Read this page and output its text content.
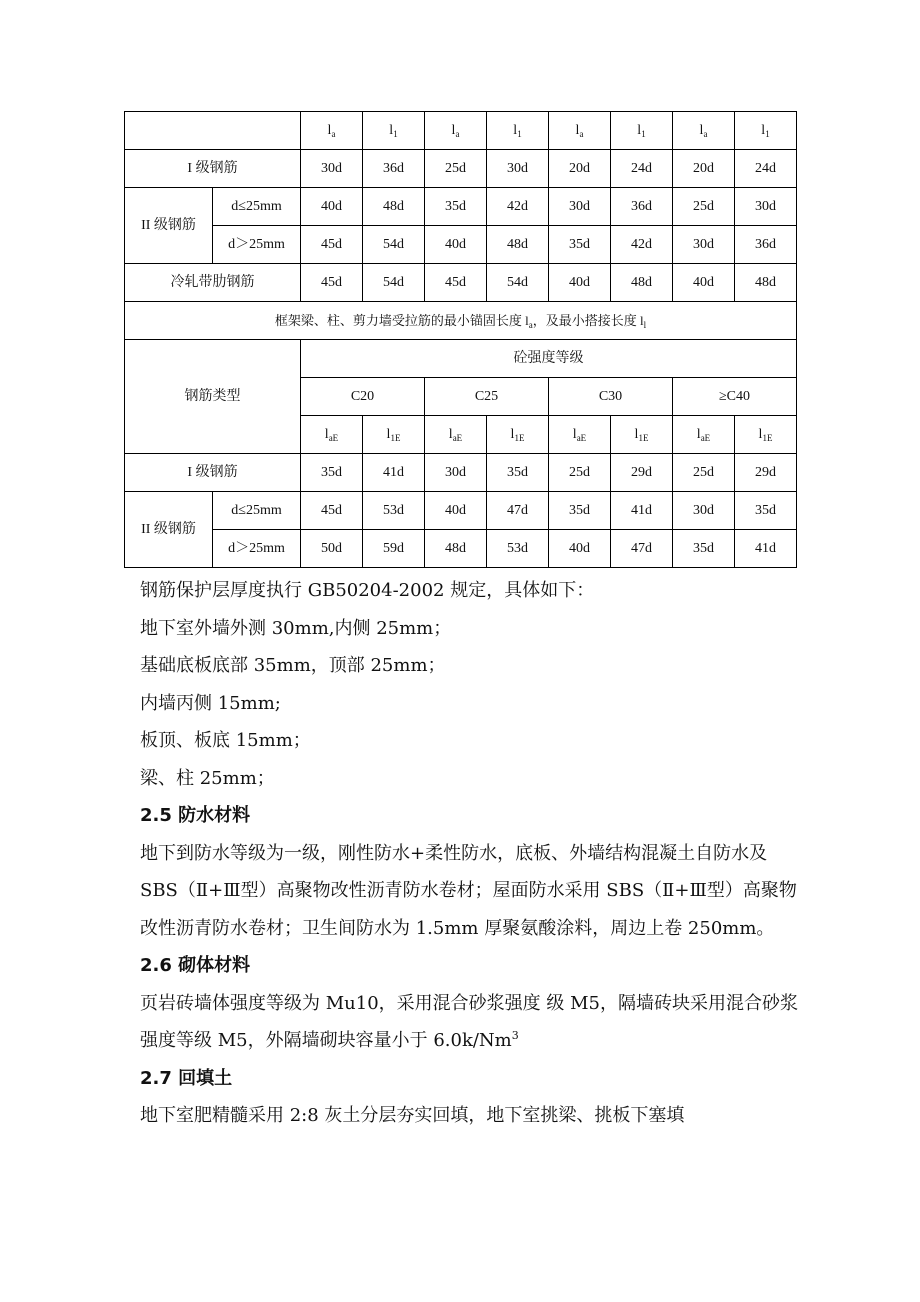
		$l_a$	$l_1$	$l_a$	$l_1$	$l_a$	$l_1$	$l_a$	$l_1$
I 级钢筋		30d	36d	25d	30d	20d	24d	20d	24d
II 级钢筋	d≤25mm	40d	48d	35d	42d	30d	36d	25d	30d
	d＞25mm	45d	54d	40d	48d	35d	42d	30d	36d
冷轧带肋钢筋		45d	54d	45d	54d	40d	48d	40d	48d
框架梁、柱、剪力墙受拉筋的最小锚固长度 $l_a$，及最小搭接长度 $l_l$
钢筋类型		砼强度等级							
		C20		C25		C30		≥C40	
		$l_{aE}$	$l_{1E}$	$l_{aE}$	$l_{1E}$	$l_{aE}$	$l_{1E}$	$l_{aE}$	$l_{1E}$
I 级钢筋		35d	41d	30d	35d	25d	29d	25d	29d
II 级钢筋	d≤25mm	45d	53d	40d	47d	35d	41d	30d	35d
	d＞25mm	50d	59d	48d	53d	40d	47d	35d	41d

钢筋保护层厚度执行 GB50204-2002 规定，具体如下：

地下室外墙外测 30mm,内侧 25mm；

基础底板底部 35mm，顶部 25mm；

内墙丙侧 15mm;

板顶、板底 15mm；

梁、柱 25mm；

2.5 防水材料

地下到防水等级为一级，刚性防水+柔性防水，底板、外墙结构混凝土自防水及 SBS（Ⅱ+Ⅲ型）高聚物改性沥青防水卷材；屋面防水采用 SBS（Ⅱ+Ⅲ型）高聚物改性沥青防水卷材；卫生间防水为 1.5mm 厚聚氨酸涂料，周边上卷 250mm。

2.6 砌体材料

页岩砖墙体强度等级为 Mu10，采用混合砂浆强度 级 M5，隔墙砖块采用混合砂浆强度等级 M5，外隔墙砌块容量小于 6.0k/Nm$^3$

2.7 回填土

地下室肥精髓采用 2:8 灰土分层夯实回填，地下室挑梁、挑板下塞填
